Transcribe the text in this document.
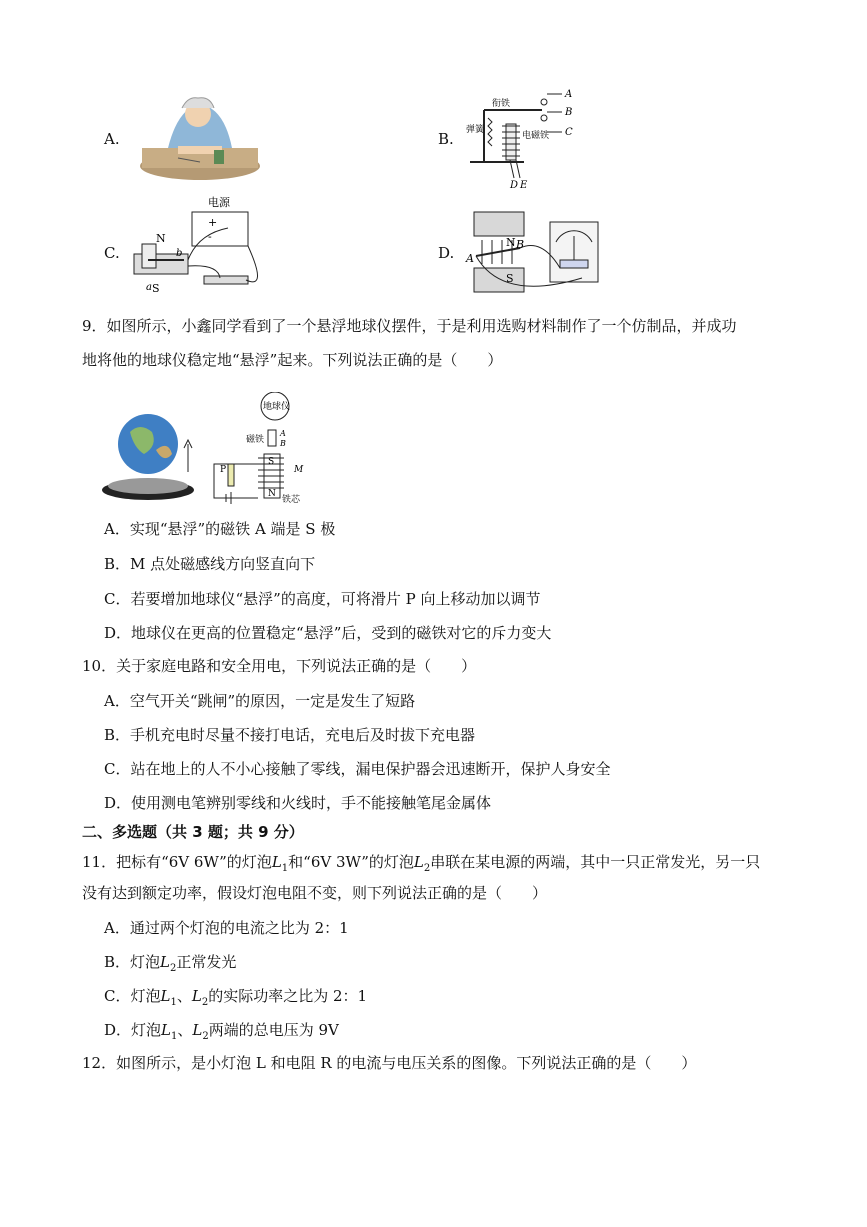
A.	B.
衔铁
弹簧
电磁铁
A
B
C
D E
C.
电源
+
-
N
S
a
b	D.
N
S
A
B
9．如图所示，小鑫同学看到了一个悬浮地球仪摆件，于是利用选购材料制作了一个仿制品，并成功
地将他的地球仪稳定地“悬浮”起来。下列说法正确的是（　　）
地球仪
磁铁
A
B
S
N
M
铁芯
P
A．实现“悬浮”的磁铁 A 端是 S 极
B．M 点处磁感线方向竖直向下
C．若要增加地球仪“悬浮”的高度，可将滑片 P 向上移动加以调节
D．地球仪在更高的位置稳定“悬浮”后，受到的磁铁对它的斥力变大
10．关于家庭电路和安全用电，下列说法正确的是（　　）
A．空气开关“跳闸”的原因，一定是发生了短路
B．手机充电时尽量不接打电话，充电后及时拔下充电器
C．站在地上的人不小心接触了零线，漏电保护器会迅速断开，保护人身安全
D．使用测电笔辨别零线和火线时，手不能接触笔尾金属体
二、多选题（共 3 题；共 9 分）
11．把标有“6V 6W”的灯泡$L_1$和“6V 3W”的灯泡$L_2$串联在某电源的两端，其中一只正常发光，另一只
没有达到额定功率，假设灯泡电阻不变，则下列说法正确的是（　　）
A．通过两个灯泡的电流之比为 2：1
B．灯泡$L_2$正常发光
C．灯泡$L_1$、$L_2$的实际功率之比为 2：1
D．灯泡$L_1$、$L_2$两端的总电压为 9V
12．如图所示，是小灯泡 L 和电阻 R 的电流与电压关系的图像。下列说法正确的是（　　）
